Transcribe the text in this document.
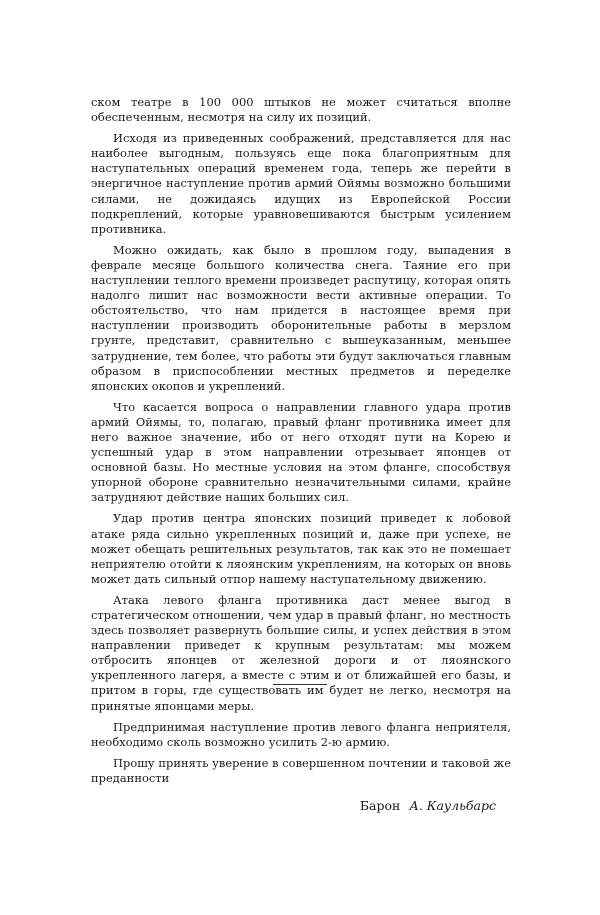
ском театре в 100 000 штыков не может считаться вполне обеспеченным, несмотря на силу их позиций.

Исходя из приведенных соображений, представляется для нас наиболее выгодным, пользуясь еще пока благоприятным для наступательных операций временем года, теперь же перейти в энергичное наступление против армий Ойямы возможно большими силами, не дожидаясь идущих из Европейской России подкреплений, которые уравновешиваются быстрым усилением противника.

Можно ожидать, как было в прошлом году, выпадения в феврале месяце большого количества снега. Таяние его при наступлении теплого времени произведет распутицу, которая опять надолго лишит нас возможности вести активные операции. То обстоятельство, что нам придется в настоящее время при наступлении производить оборонительные работы в мерзлом грунте, представит, сравнительно с вышеуказанным, меньшее затруднение, тем более, что работы эти будут заключаться главным образом в приспособлении местных предметов и переделке японских окопов и укреплений.

Что касается вопроса о направлении главного удара против армий Ойямы, то, полагаю, правый фланг противника имеет для него важное значение, ибо от него отходят пути на Корею и успешный удар в этом направлении отрезывает японцев от основной базы. Но местные условия на этом фланге, способствуя упорной обороне сравнительно незначительными силами, крайне затрудняют действие наших больших сил.

Удар против центра японских позиций приведет к лобовой атаке ряда сильно укрепленных позиций и, даже при успехе, не может обещать решительных результатов, так как это не помешает неприятелю отойти к ляоянским укреплениям, на которых он вновь может дать сильный отпор нашему наступательному движению.

Атака левого фланга противника даст менее выгод в стратегическом отношении, чем удар в правый фланг, но местность здесь позволяет развернуть большие силы, и успех действия в этом направлении приведет к крупным результатам: мы можем отбросить японцев от железной дороги и от ляоянского укрепленного лагеря, а вместе с этим и от ближайшей его базы, и притом в горы, где существовать им будет не легко, несмотря на принятые японцами меры.

Предпринимая наступление против левого фланга неприятеля, необходимо сколь возможно усилить 2-ю армию.

Прошу принять уверение в совершенном почтении и таковой же преданности

Барон А. Каульбарс
